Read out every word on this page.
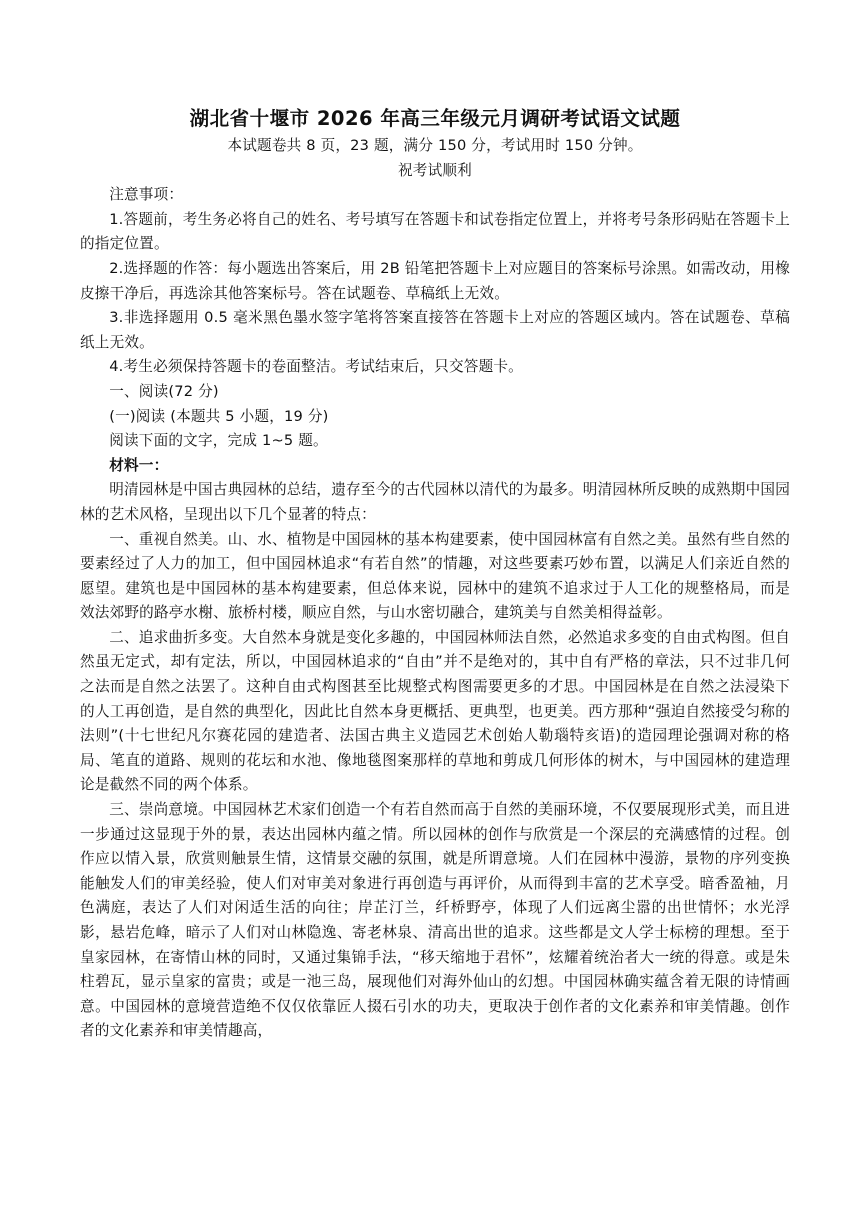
湖北省十堰市 2026 年高三年级元月调研考试语文试题
本试题卷共 8 页，23 题，满分 150 分，考试用时 150 分钟。
祝考试顺利

注意事项：

1.答题前，考生务必将自己的姓名、考号填写在答题卡和试卷指定位置上，并将考号条形码贴在答题卡上的指定位置。

2.选择题的作答：每小题选出答案后，用 2B 铅笔把答题卡上对应题目的答案标号涂黑。如需改动，用橡皮擦干净后，再选涂其他答案标号。答在试题卷、草稿纸上无效。

3.非选择题用 0.5 毫米黑色墨水签字笔将答案直接答在答题卡上对应的答题区域内。答在试题卷、草稿纸上无效。

4.考生必须保持答题卡的卷面整洁。考试结束后，只交答题卡。

一、阅读(72 分)

(一)阅读 (本题共 5 小题，19 分)

阅读下面的文字，完成 1~5 题。

材料一：

明清园林是中国古典园林的总结，遗存至今的古代园林以清代的为最多。明清园林所反映的成熟期中国园林的艺术风格，呈现出以下几个显著的特点：

一、重视自然美。山、水、植物是中国园林的基本构建要素，使中国园林富有自然之美。虽然有些自然的要素经过了人力的加工，但中国园林追求“有若自然”的情趣，对这些要素巧妙布置，以满足人们亲近自然的愿望。建筑也是中国园林的基本构建要素，但总体来说，园林中的建筑不追求过于人工化的规整格局，而是效法郊野的路亭水榭、旅桥村楼，顺应自然，与山水密切融合，建筑美与自然美相得益彰。

二、追求曲折多变。大自然本身就是变化多趣的，中国园林师法自然，必然追求多变的自由式构图。但自然虽无定式，却有定法，所以，中国园林追求的“自由”并不是绝对的，其中自有严格的章法，只不过非几何之法而是自然之法罢了。这种自由式构图甚至比规整式构图需要更多的才思。中国园林是在自然之法浸染下的人工再创造，是自然的典型化，因此比自然本身更概括、更典型，也更美。西方那种“强迫自然接受匀称的法则”(十七世纪凡尔赛花园的建造者、法国古典主义造园艺术创始人勒瑙特亥语)的造园理论强调对称的格局、笔直的道路、规则的花坛和水池、像地毯图案那样的草地和剪成几何形体的树木，与中国园林的建造理论是截然不同的两个体系。

三、崇尚意境。中国园林艺术家们创造一个有若自然而高于自然的美丽环境，不仅要展现形式美，而且进一步通过这显现于外的景，表达出园林内蕴之情。所以园林的创作与欣赏是一个深层的充满感情的过程。创作应以情入景，欣赏则触景生情，这情景交融的氛围，就是所谓意境。人们在园林中漫游，景物的序列变换能触发人们的审美经验，使人们对审美对象进行再创造与再评价，从而得到丰富的艺术享受。暗香盈袖，月色满庭，表达了人们对闲适生活的向往；岸芷汀兰，纤桥野亭，体现了人们远离尘嚣的出世情怀；水光浮影，悬岩危峰，暗示了人们对山林隐逸、寄老林泉、清高出世的追求。这些都是文人学士标榜的理想。至于皇家园林，在寄情山林的同时，又通过集锦手法，“移天缩地于君怀”，炫耀着统治者大一统的得意。或是朱柱碧瓦，显示皇家的富贵；或是一池三岛，展现他们对海外仙山的幻想。中国园林确实蕴含着无限的诗情画意。中国园林的意境营造绝不仅仅依靠匠人掇石引水的功夫，更取决于创作者的文化素养和审美情趣。创作者的文化素养和审美情趣高，
